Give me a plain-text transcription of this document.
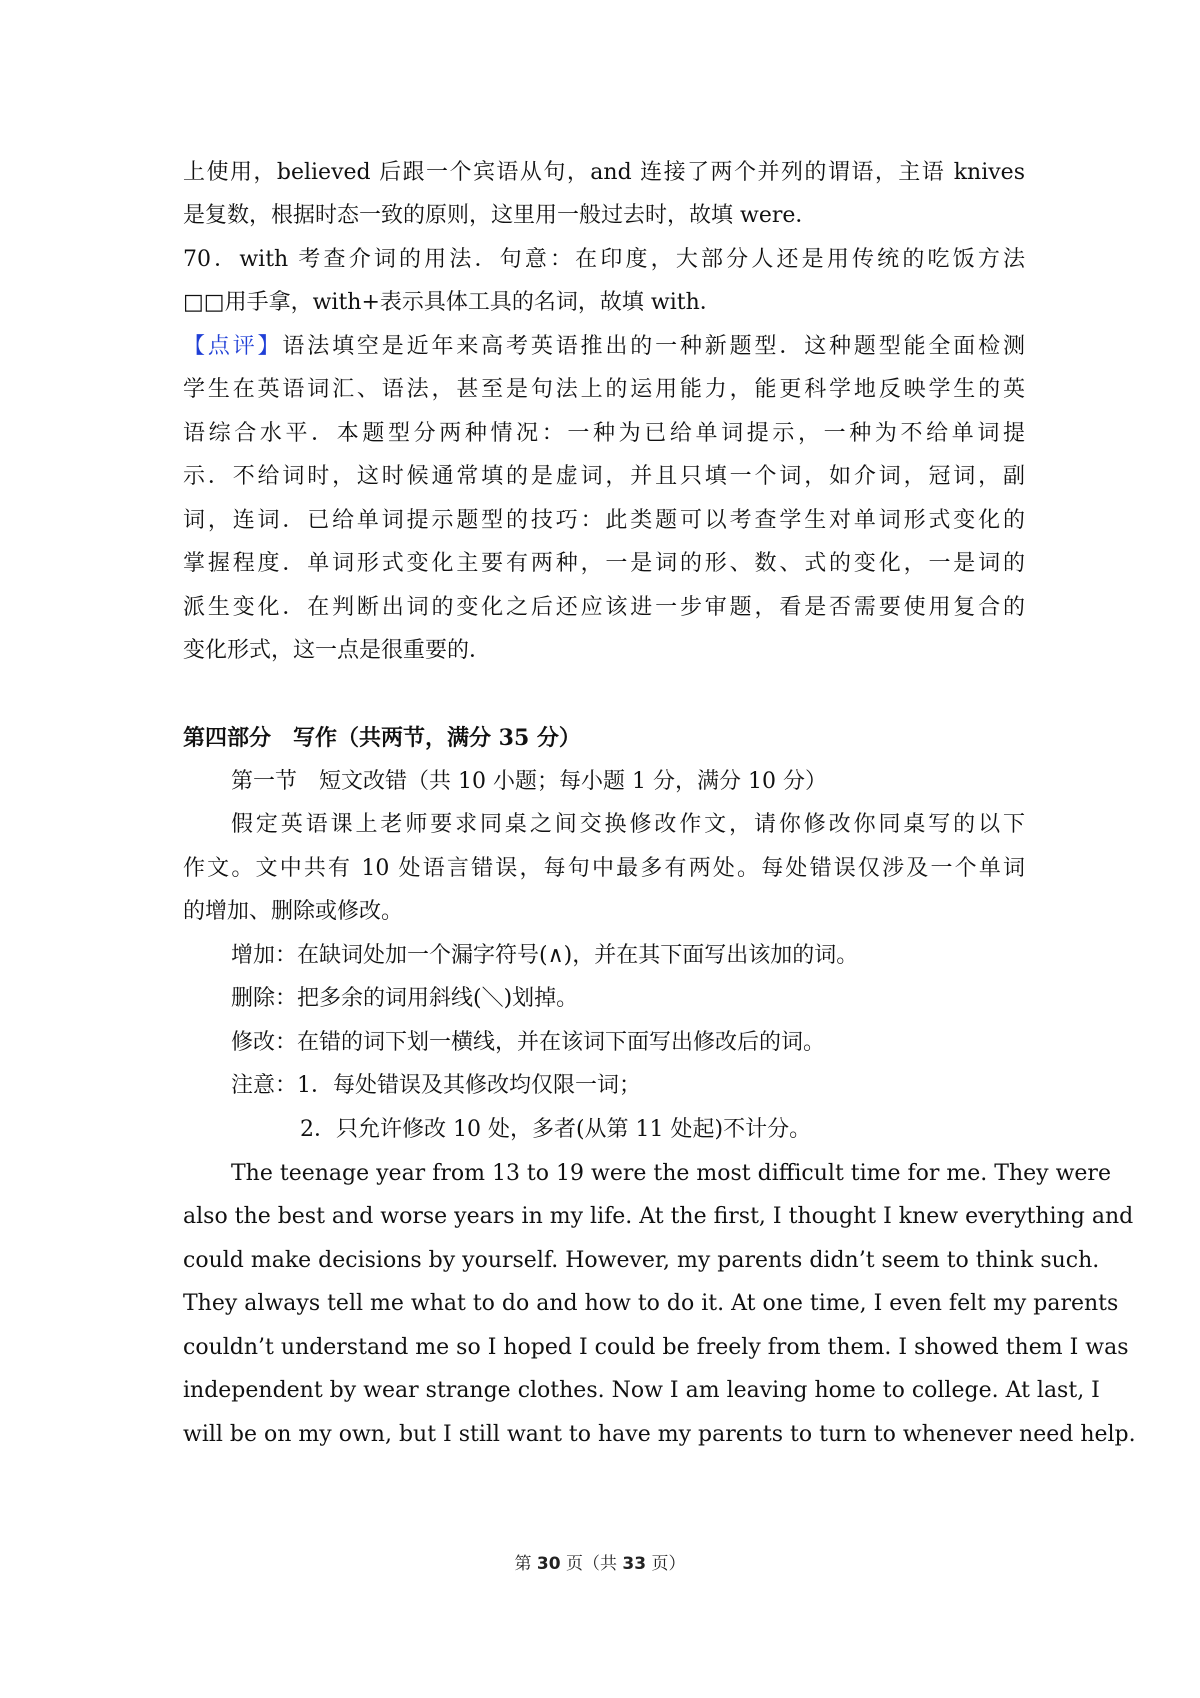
上使用，believed 后跟一个宾语从句，and 连接了两个并列的谓语，主语 knives
是复数，根据时态一致的原则，这里用一般过去时，故填 were．
70．with 考查介词的用法．句意：在印度，大部分人还是用传统的吃饭方法
□□用手拿，with+表示具体工具的名词，故填 with．
【点评】语法填空是近年来高考英语推出的一种新题型．这种题型能全面检测
学生在英语词汇、语法，甚至是句法上的运用能力，能更科学地反映学生的英
语综合水平．本题型分两种情况：一种为已给单词提示，一种为不给单词提
示．不给词时，这时候通常填的是虚词，并且只填一个词，如介词，冠词，副
词，连词．已给单词提示题型的技巧：此类题可以考查学生对单词形式变化的
掌握程度．单词形式变化主要有两种，一是词的形、数、式的变化，一是词的
派生变化．在判断出词的变化之后还应该进一步审题，看是否需要使用复合的
变化形式，这一点是很重要的．
第四部分　写作（共两节，满分 35 分）
第一节　短文改错（共 10 小题；每小题 1 分，满分 10 分）
假定英语课上老师要求同桌之间交换修改作文，请你修改你同桌写的以下
作文。文中共有 10 处语言错误，每句中最多有两处。每处错误仅涉及一个单词
的增加、删除或修改。
增加：在缺词处加一个漏字符号(∧)，并在其下面写出该加的词。
删除：把多余的词用斜线(＼)划掉。
修改：在错的词下划一横线，并在该词下面写出修改后的词。
注意：1．每处错误及其修改均仅限一词；
2．只允许修改 10 处，多者(从第 11 处起)不计分。
The teenage year from 13 to 19 were the most difficult time for me. They were
also the best and worse years in my life. At the first, I thought I knew everything and
could make decisions by yourself. However, my parents didn’t seem to think such.
They always tell me what to do and how to do it. At one time, I even felt my parents
couldn’t understand me so I hoped I could be freely from them. I showed them I was
independent by wear strange clothes. Now I am leaving home to college. At last, I
will be on my own, but I still want to have my parents to turn to whenever need help.
第 30 页（共 33 页）
